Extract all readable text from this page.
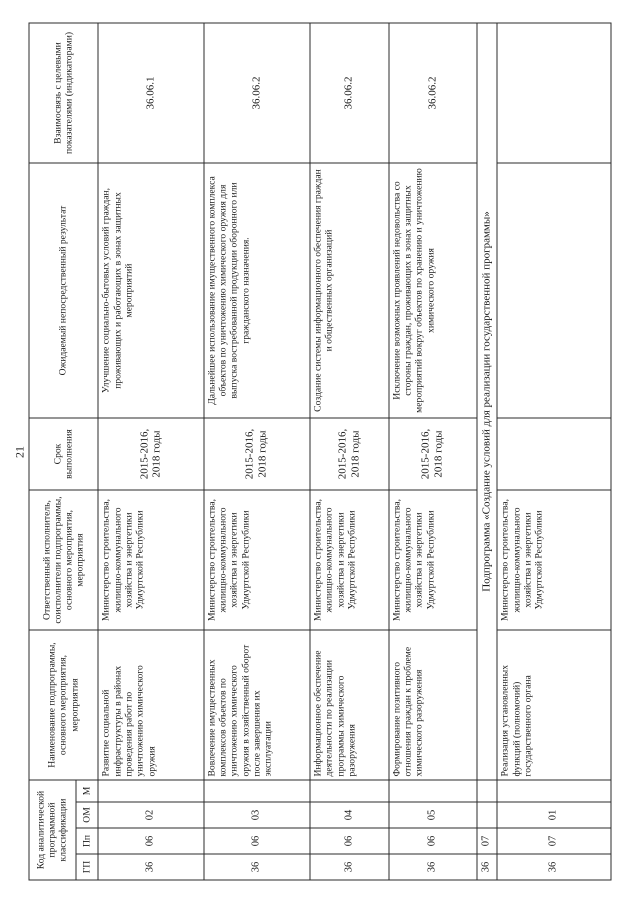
21
Код аналитической программной классификации				Наименование подпрограммы, основного мероприятия, мероприятия	Ответственный исполнитель, соисполнители подпрограммы, основного мероприятия, мероприятия	Срок выполнения	Ожидаемый непосредственный результат	Взаимосвязь с целевыми показателями (индикаторами)
ГП	Пп	ОМ	М					
36	06	02		Развитие социальной инфраструктуры в районах проведения работ по уничтожению химического оружия	Министерство строительства, жилищно-коммунального хозяйства и энергетики Удмуртской Республики	2015-2016, 2018 годы	Улучшение социально-бытовых условий граждан, проживающих и работающих в зонах защитных мероприятий	36.06.1
36	06	03		Вовлечение имущественных комплексов объектов по уничтожению химического оружия в хозяйственный оборот после завершения их эксплуатации	Министерство строительства, жилищно-коммунального хозяйства и энергетики Удмуртской Республики	2015-2016, 2018 годы	Дальнейшее использование имущественного комплекса объектов по уничтожению химического оружия для выпуска востребованной продукции оборонного или гражданского назначения.	36.06.2
36	06	04		Информационное обеспечение деятельности по реализации программы химического разоружения	Министерство строительства, жилищно-коммунального хозяйства и энергетики Удмуртской Республики	2015-2016, 2018 годы	Создание системы информационного обеспечения граждан и общественных организаций	36.06.2
36	06	05		Формирование позитивного отношения граждан к проблеме химического разоружения	Министерство строительства, жилищно-коммунального хозяйства и энергетики Удмуртской Республики	2015-2016, 2018 годы	Исключение возможных проявлений недовольства со стороны граждан, проживающих в зонах защитных мероприятий вокруг объектов по хранению и уничтожению химического оружия	36.06.2
36	07			Подпрограмма «Создание условий для реализации государственной программы»				
36	07	01		Реализация установленных функций (полномочий) государственного органа	Министерство строительства, жилищно-коммунального хозяйства и энергетики Удмуртской Республики			
